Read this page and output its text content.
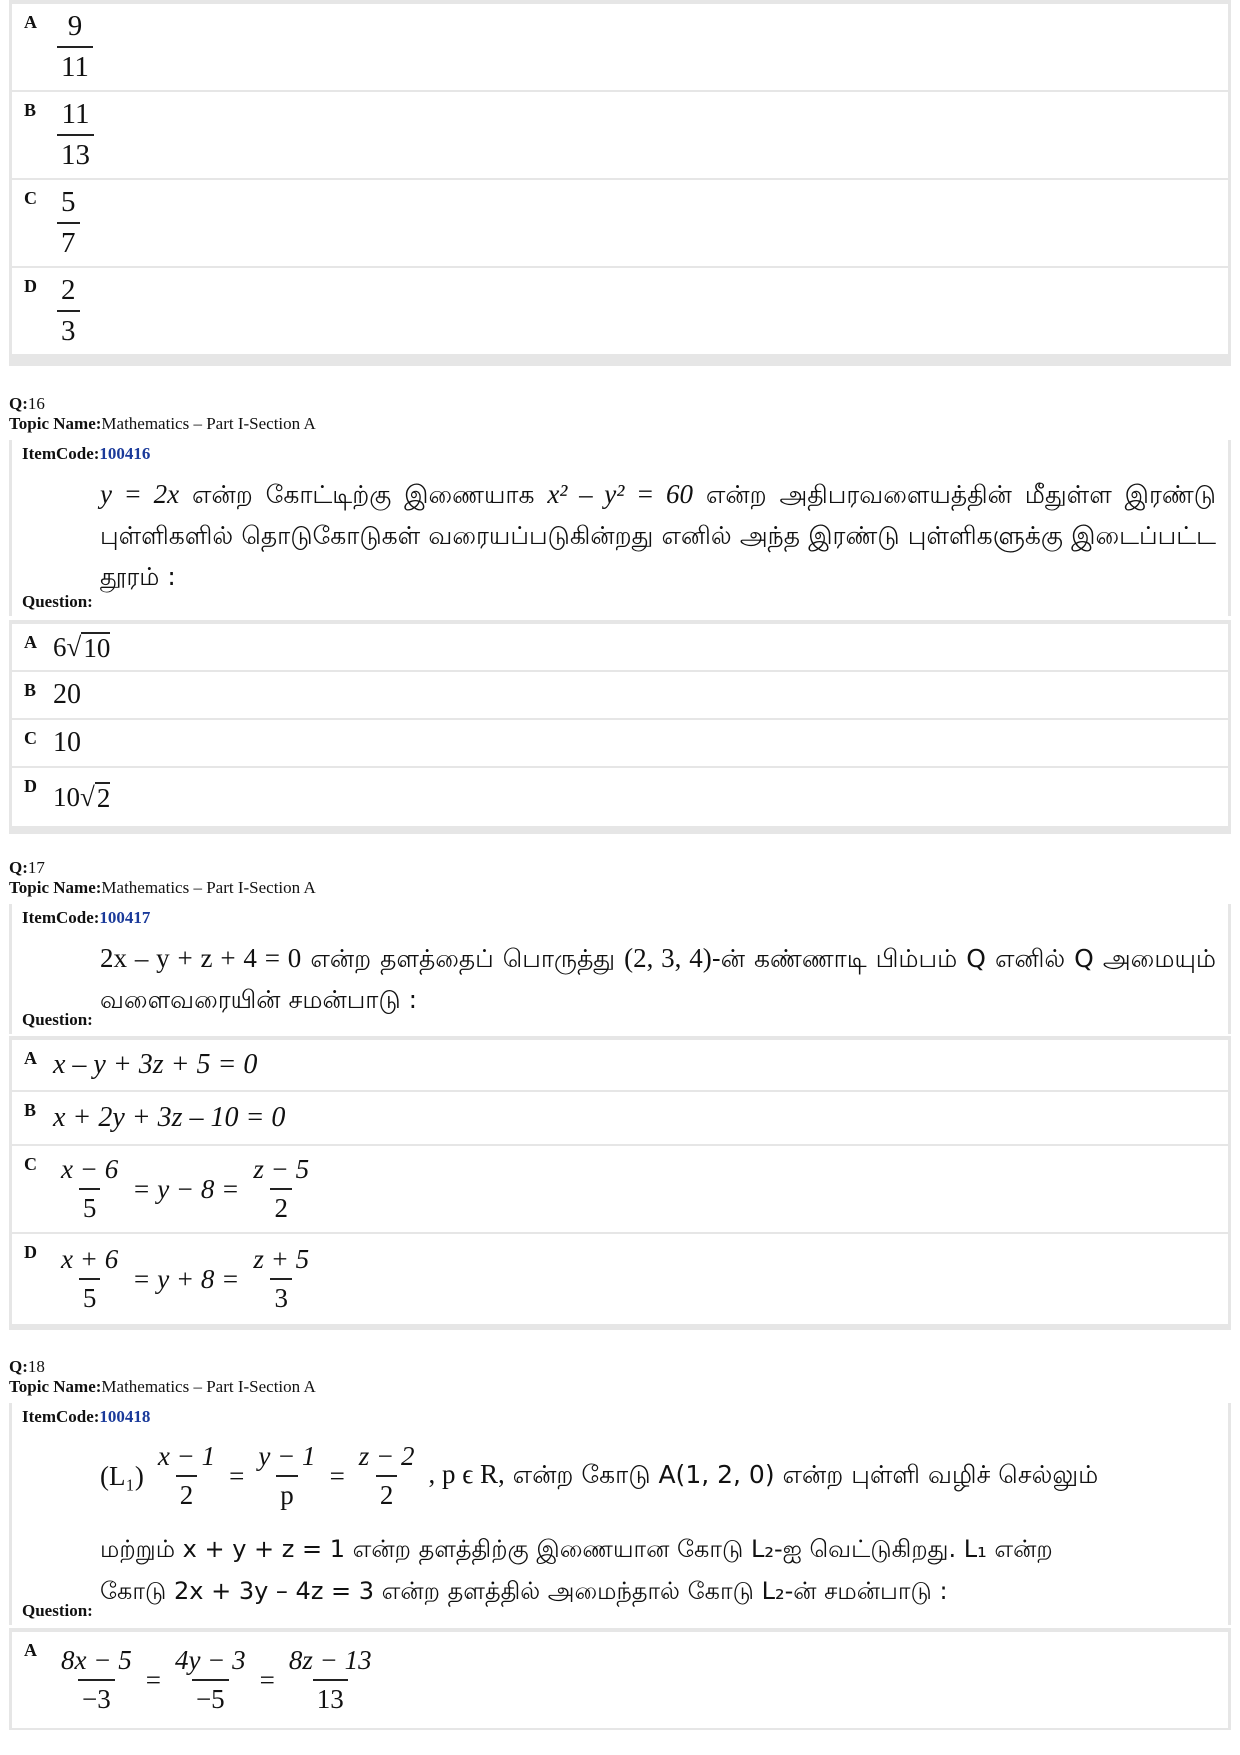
A $\frac{9}{11}$
B $\frac{11}{13}$
C $\frac{5}{7}$
D $\frac{2}{3}$
Q:16
Topic Name:Mathematics – Part I-Section A
ItemCode:100416
y = 2x என்ற கோட்டிற்கு இணையாக x² – y² = 60 என்ற அதிபரவளையத்தின் மீதுள்ள இரண்டு புள்ளிகளில் தொடுகோடுகள் வரையப்படுகின்றது எனில் அந்த இரண்டு புள்ளிகளுக்கு இடைப்பட்ட தூரம் :
Question:
A 6 √ 10
B 20
C 10
D 10 √ 2
Q:17
Topic Name:Mathematics – Part I-Section A
ItemCode:100417
2x – y + z + 4 = 0 என்ற தளத்தைப் பொருத்து (2, 3, 4)-ன் கண்ணாடி பிம்பம் Q எனில் Q அமையும் வளைவரையின் சமன்பாடு :
Question:
A x – y + 3z + 5 = 0
B x + 2y + 3z – 10 = 0
C $\frac{x - 6}{5} = y - 8 = \frac{z - 5}{2}$
D $\frac{x + 6}{5} = y + 8 = \frac{z + 5}{3}$
Q:18
Topic Name:Mathematics – Part I-Section A
ItemCode:100418
$(L_1) \frac{x - 1}{2} = \frac{y - 1}{p} = \frac{z - 2}{2}$ , p ϵ R, என்ற கோடு A(1, 2, 0) என்ற புள்ளி வழிச் செல்லும்
மற்றும் x + y + z = 1 என்ற தளத்திற்கு இணையான கோடு L₂-ஐ வெட்டுகிறது. L₁ என்ற
கோடு 2x + 3y – 4z = 3 என்ற தளத்தில் அமைந்தால் கோடு L₂-ன் சமன்பாடு :
Question:
A $\frac{8x - 5}{-3} = \frac{4y - 3}{-5} = \frac{8z - 13}{13}$
